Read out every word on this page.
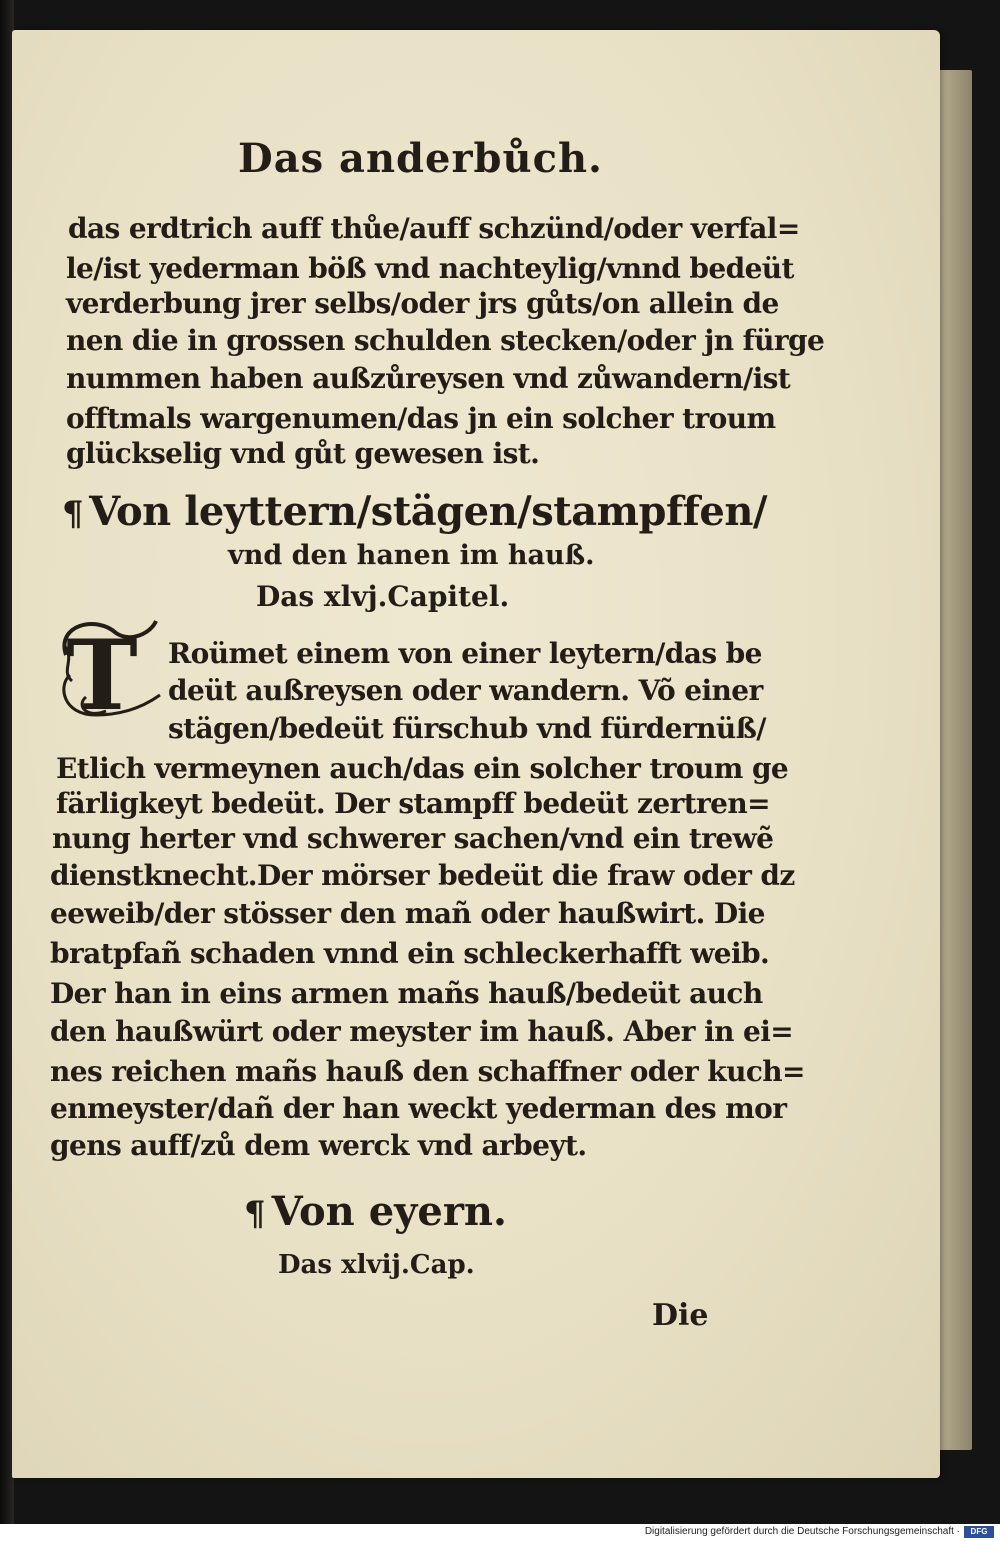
Das anderbůch.
das erdtrich auff thůe/auff schzünd/oder verfal=
le/ist yederman böß vnd nachteylig/vnnd bedeüt
verderbung jrer selbs/oder jrs gůts/on allein de
nen die in grossen schulden stecken/oder jn fürge
nummen haben außzůreysen vnd zůwandern/ist
offtmals wargenumen/das jn ein solcher troum
glückselig vnd gůt gewesen ist.
¶ Von leyttern/stägen/stampffen/
vnd den hanen im hauß.
Das xlvj.Capitel.
T Roümet einem von einer leytern/das be
deüt außreysen oder wandern. Võ einer
stägen/bedeüt fürschub vnd fürdernüß/
Etlich vermeynen auch/das ein solcher troum ge
färligkeyt bedeüt. Der stampff bedeüt zertren=
nung herter vnd schwerer sachen/vnd ein trewẽ
dienstknecht.Der mörser bedeüt die fraw oder dz
eeweib/der stösser den mañ oder haußwirt. Die
bratpfañ schaden vnnd ein schleckerhafft weib.
Der han in eins armen mañs hauß/bedeüt auch
den haußwürt oder meyster im hauß. Aber in ei=
nes reichen mañs hauß den schaffner oder kuch=
enmeyster/dañ der han weckt yederman des mor
gens auff/zů dem werck vnd arbeyt.
¶ Von eyern.
Das xlvij.Cap.
Die
Digitalisierung gefördert durch die Deutsche Forschungsgemeinschaft ·	DFG
